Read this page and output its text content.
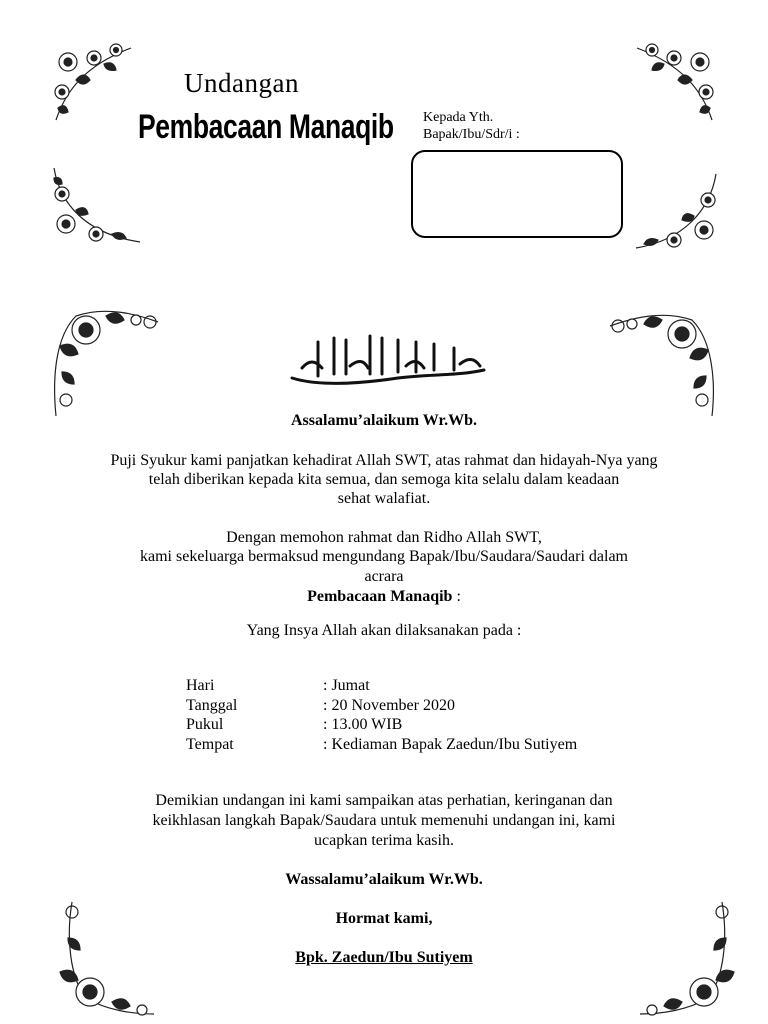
Undangan
Pembacaan Manaqib Kepada Yth.
Bapak/Ibu/Sdr/i :
بِسْمِ اللَّهِ الرَّحْمَنِ الرَّحِيمِ
Assalamu’alaikum Wr.Wb.
Puji Syukur kami panjatkan kehadirat Allah SWT, atas rahmat dan hidayah-Nya yang
telah diberikan kepada kita semua, dan semoga kita selalu dalam keadaan
sehat walafiat.
Dengan memohon rahmat dan Ridho Allah SWT,
kami sekeluarga bermaksud mengundang Bapak/Ibu/Saudara/Saudari dalam
acrara
Pembacaan Manaqib :
Yang Insya Allah akan dilaksanakan pada :
Hari	: Jumat
Tanggal	: 20 November 2020
Pukul	: 13.00 WIB
Tempat	: Kediaman Bapak Zaedun/Ibu Sutiyem
Demikian undangan ini kami sampaikan atas perhatian, keringanan dan
keikhlasan langkah Bapak/Saudara untuk memenuhi undangan ini, kami
ucapkan terima kasih.
Wassalamu’alaikum Wr.Wb.
Hormat kami,
Bpk. Zaedun/Ibu Sutiyem
